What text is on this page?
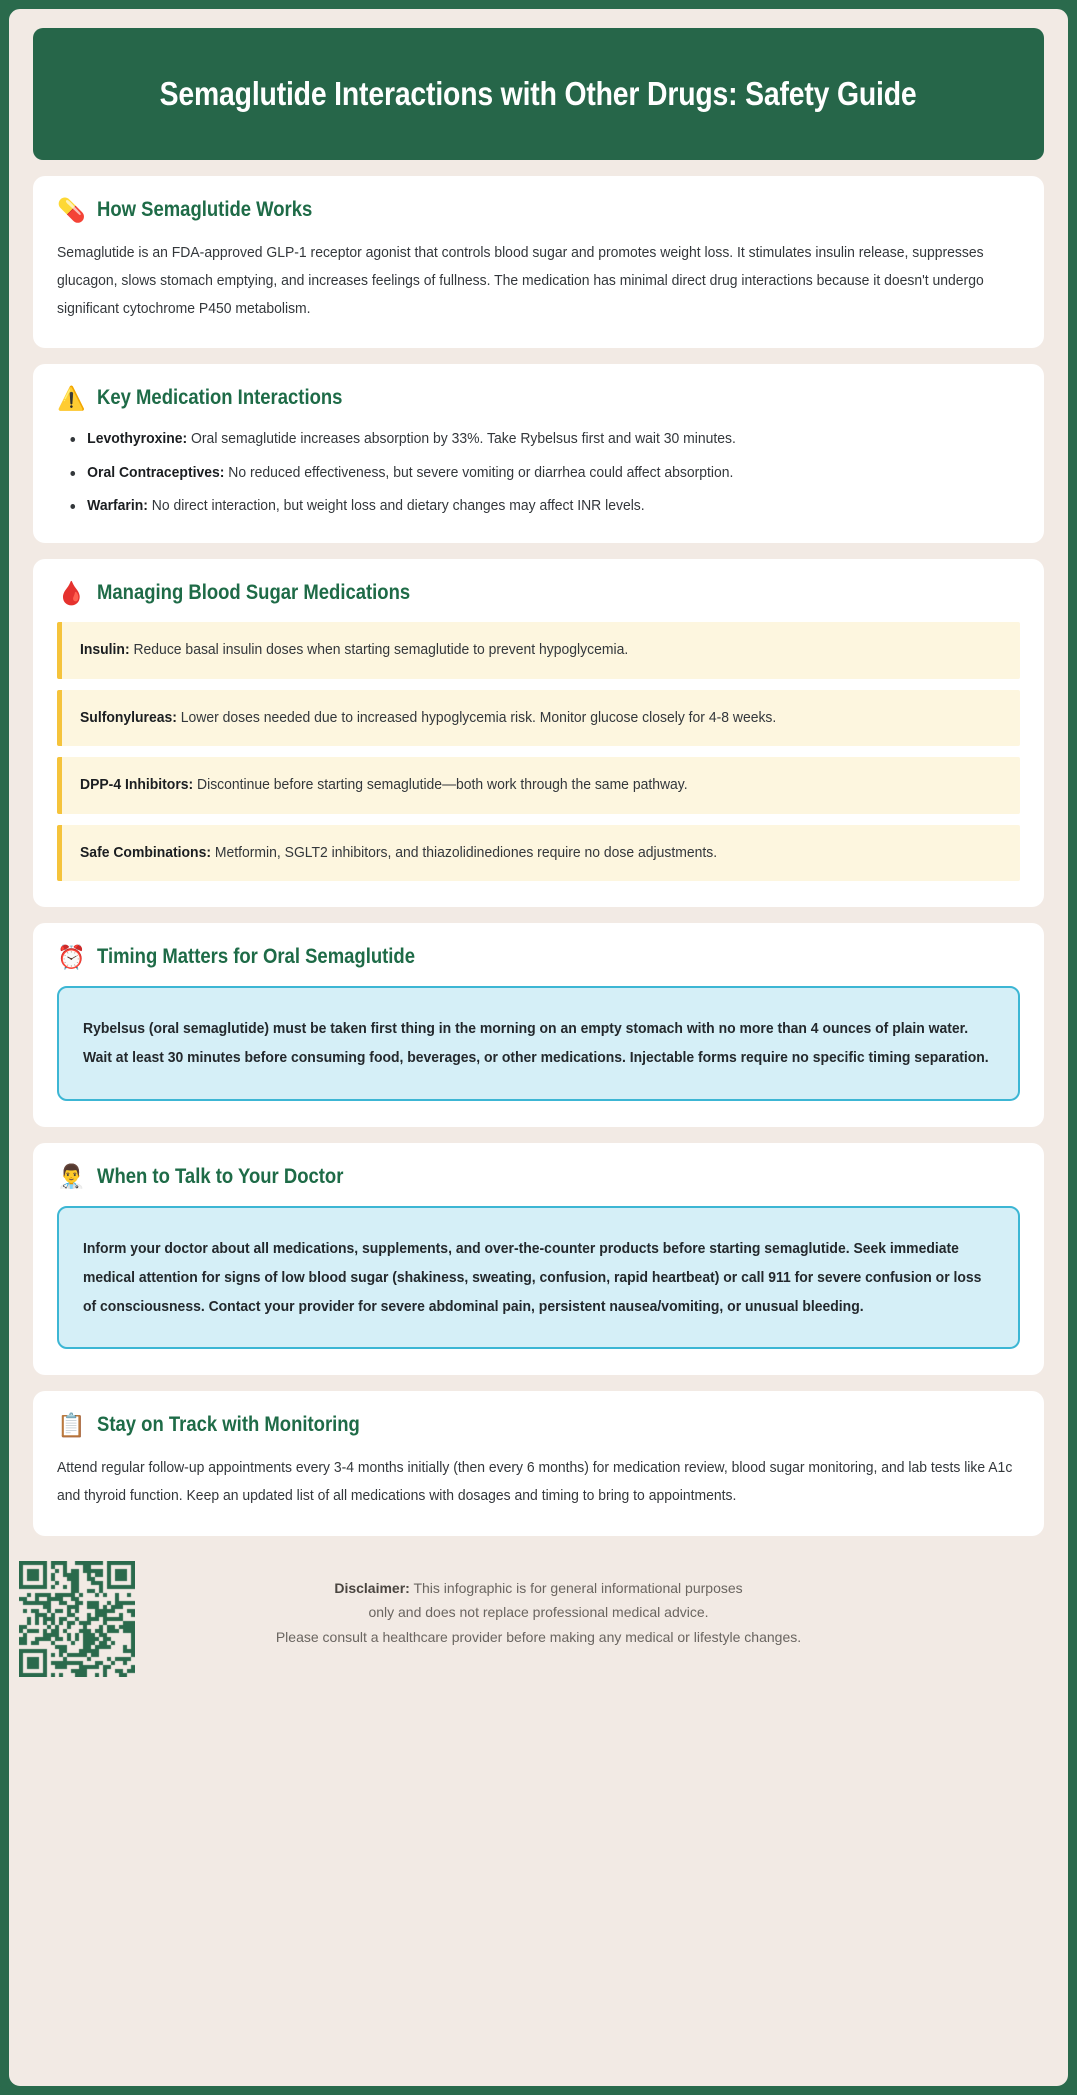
Semaglutide Interactions with Other Drugs: Safety Guide
💊 How Semaglutide Works
Semaglutide is an FDA-approved GLP-1 receptor agonist that controls blood sugar and promotes weight loss. It stimulates insulin release, suppresses glucagon, slows stomach emptying, and increases feelings of fullness. The medication has minimal direct drug interactions because it doesn't undergo significant cytochrome P450 metabolism.
⚠️ Key Medication Interactions
Levothyroxine: Oral semaglutide increases absorption by 33%. Take Rybelsus first and wait 30 minutes.
Oral Contraceptives: No reduced effectiveness, but severe vomiting or diarrhea could affect absorption.
Warfarin: No direct interaction, but weight loss and dietary changes may affect INR levels.
🩸 Managing Blood Sugar Medications
Insulin: Reduce basal insulin doses when starting semaglutide to prevent hypoglycemia.
Sulfonylureas: Lower doses needed due to increased hypoglycemia risk. Monitor glucose closely for 4-8 weeks.
DPP-4 Inhibitors: Discontinue before starting semaglutide—both work through the same pathway.
Safe Combinations: Metformin, SGLT2 inhibitors, and thiazolidinediones require no dose adjustments.
⏰ Timing Matters for Oral Semaglutide
Rybelsus (oral semaglutide) must be taken first thing in the morning on an empty stomach with no more than 4 ounces of plain water. Wait at least 30 minutes before consuming food, beverages, or other medications. Injectable forms require no specific timing separation.
👨‍⚕️ When to Talk to Your Doctor
Inform your doctor about all medications, supplements, and over-the-counter products before starting semaglutide. Seek immediate medical attention for signs of low blood sugar (shakiness, sweating, confusion, rapid heartbeat) or call 911 for severe confusion or loss of consciousness. Contact your provider for severe abdominal pain, persistent nausea/vomiting, or unusual bleeding.
📋 Stay on Track with Monitoring
Attend regular follow-up appointments every 3-4 months initially (then every 6 months) for medication review, blood sugar monitoring, and lab tests like A1c and thyroid function. Keep an updated list of all medications with dosages and timing to bring to appointments.
Disclaimer: This infographic is for general informational purposes
only and does not replace professional medical advice.
Please consult a healthcare provider before making any medical or lifestyle changes.
